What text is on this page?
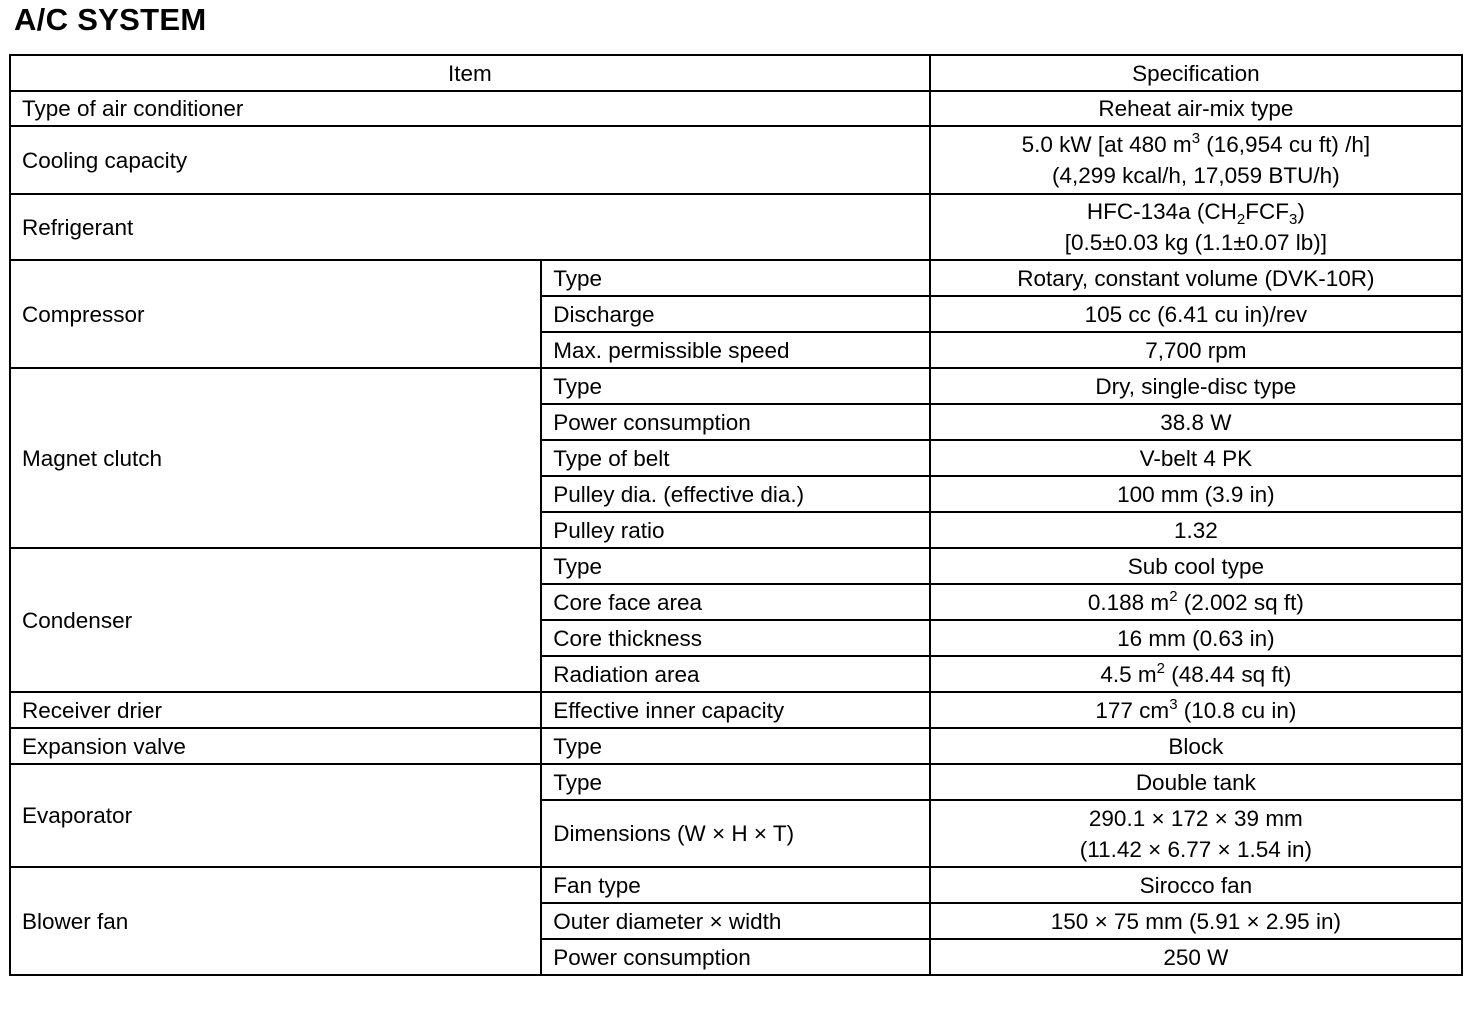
A/C SYSTEM
Item		Specification
Type of air conditioner		Reheat air-mix type

Cooling capacity		5.0 kW [at 480 $m^3$ (16,954 cu ft) /h]
(4,299 kcal/h, 17,059 BTU/h)

Refrigerant		HFC-134a $(CH_2FCF_3)$
[0.5±0.03 kg (1.1±0.07 lb)]

Compressor	Type	Rotary, constant volume (DVK-10R)

	Discharge	105 cc (6.41 cu in)/rev

	Max. permissible speed	7,700 rpm

Magnet clutch	Type	Dry, single-disc type

	Power consumption	38.8 W

	Type of belt	V-belt 4 PK

	Pulley dia. (effective dia.)	100 mm (3.9 in)

	Pulley ratio	1.32

Condenser	Type	Sub cool type

	Core face area	0.188 $m^2$ (2.002 sq ft)

	Core thickness	16 mm (0.63 in)

	Radiation area	4.5 $m^2$ (48.44 sq ft)

Receiver drier	Effective inner capacity	177 $cm^3$ (10.8 cu in)

Expansion valve	Type	Block

Evaporator	Type	Double tank

	Dimensions (W × H × T)	290.1 × 172 × 39 mm
(11.42 × 6.77 × 1.54 in)

Blower fan	Fan type	Sirocco fan

	Outer diameter × width	150 × 75 mm (5.91 × 2.95 in)

	Power consumption	250 W
